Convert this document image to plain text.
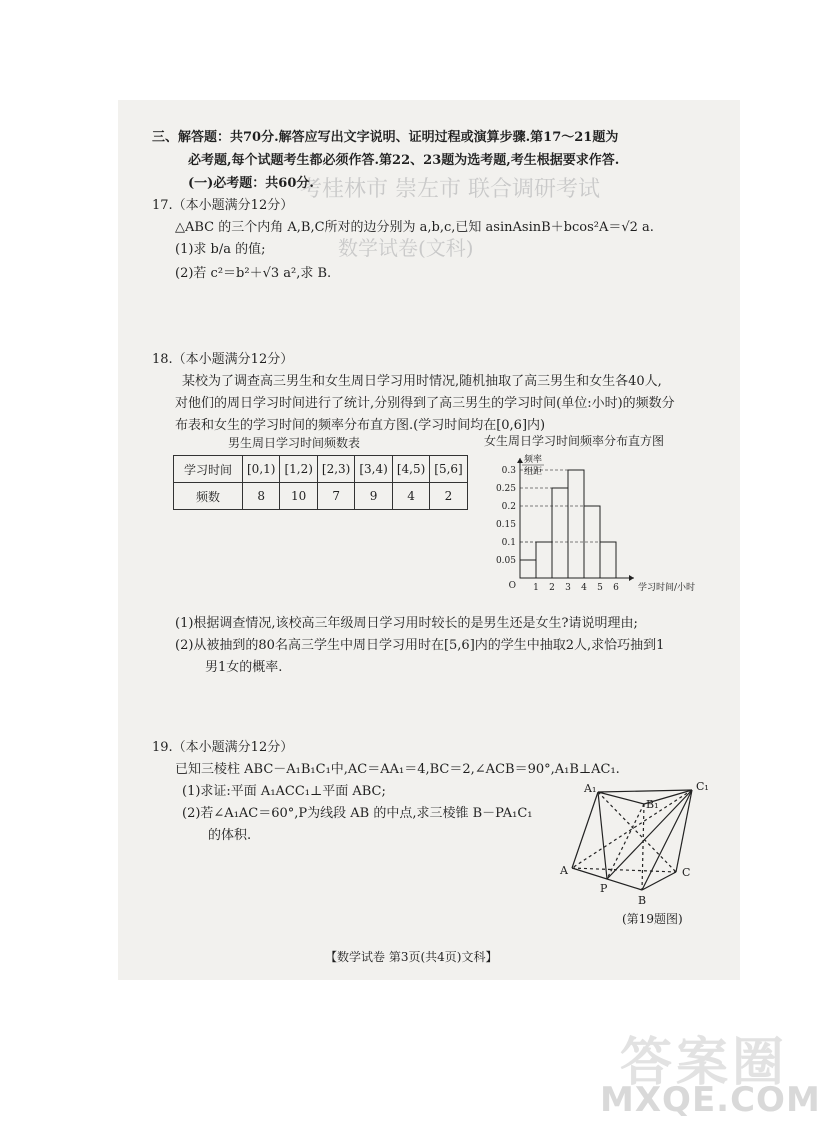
考桂林市 崇左市 联合调研考试
数学试卷(文科)
三、解答题：共70分.解答应写出文字说明、证明过程或演算步骤.第17～21题为
必考题,每个试题考生都必须作答.第22、23题为选考题,考生根据要求作答.
(一)必考题：共60分.
17.（本小题满分12分）
△ABC 的三个内角 A,B,C所对的边分别为 a,b,c,已知 asinAsinB＋bcos²A＝√2 a.
(1)求 b/a 的值;
(2)若 c²＝b²＋√3 a²,求 B.
18.（本小题满分12分）
某校为了调查高三男生和女生周日学习用时情况,随机抽取了高三男生和女生各40人,
对他们的周日学习时间进行了统计,分别得到了高三男生的学习时间(单位:小时)的频数分
布表和女生的学习时间的频率分布直方图.(学习时间均在[0,6]内)
男生周日学习时间频数表
学习时间	[0,1)	[1,2)	[2,3)	[3,4)	[4,5)	[5,6]
频数	8	10	7	9	4	2
女生周日学习时间频率分布直方图
0.05
0.1
0.15
0.2
0.25
0.3
O 1 2 3 4 5 6
频率
组距
学习时间/小时
(1)根据调查情况,该校高三年级周日学习用时较长的是男生还是女生?请说明理由;
(2)从被抽到的80名高三学生中周日学习用时在[5,6]内的学生中抽取2人,求恰巧抽到1
男1女的概率.
19.（本小题满分12分）
已知三棱柱 ABC－A₁B₁C₁中,AC＝AA₁＝4,BC＝2,∠ACB＝90°,A₁B⊥AC₁.
(1)求证:平面 A₁ACC₁⊥平面 ABC;
(2)若∠A₁AC＝60°,P为线段 AB 的中点,求三棱锥 B－PA₁C₁
的体积.
A₁
B₁
C₁
A	C
P
B
(第19题图)
【数学试卷 第3页(共4页)文科】
答案圈
MXQE.COM
